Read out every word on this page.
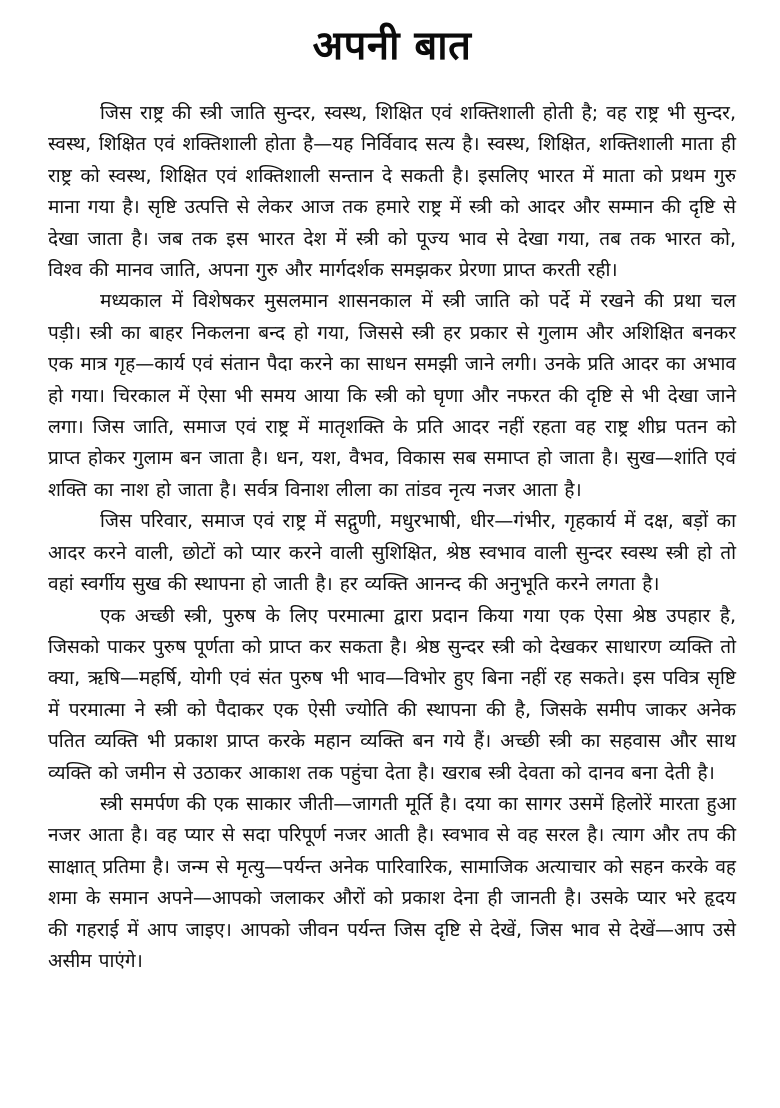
अपनी बात

जिस राष्ट्र की स्त्री जाति सुन्दर, स्वस्थ, शिक्षित एवं शक्तिशाली होती है; वह राष्ट्र भी सुन्दर, स्वस्थ, शिक्षित एवं शक्तिशाली होता है—यह निर्विवाद सत्य है। स्वस्थ, शिक्षित, शक्तिशाली माता ही राष्ट्र को स्वस्थ, शिक्षित एवं शक्तिशाली सन्तान दे सकती है। इसलिए भारत में माता को प्रथम गुरु माना गया है। सृष्टि उत्पत्ति से लेकर आज तक हमारे राष्ट्र में स्त्री को आदर और सम्मान की दृष्टि से देखा जाता है। जब तक इस भारत देश में स्त्री को पूज्य भाव से देखा गया, तब तक भारत को, विश्व की मानव जाति, अपना गुरु और मार्गदर्शक समझकर प्रेरणा प्राप्त करती रही।

मध्यकाल में विशेषकर मुसलमान शासनकाल में स्त्री जाति को पर्दे में रखने की प्रथा चल पड़ी। स्त्री का बाहर निकलना बन्द हो गया, जिससे स्त्री हर प्रकार से गुलाम और अशिक्षित बनकर एक मात्र गृह—कार्य एवं संतान पैदा करने का साधन समझी जाने लगी। उनके प्रति आदर का अभाव हो गया। चिरकाल में ऐसा भी समय आया कि स्त्री को घृणा और नफरत की दृष्टि से भी देखा जाने लगा। जिस जाति, समाज एवं राष्ट्र में मातृशक्ति के प्रति आदर नहीं रहता वह राष्ट्र शीघ्र पतन को प्राप्त होकर गुलाम बन जाता है। धन, यश, वैभव, विकास सब समाप्त हो जाता है। सुख—शांति एवं शक्ति का नाश हो जाता है। सर्वत्र विनाश लीला का तांडव नृत्य नजर आता है।

जिस परिवार, समाज एवं राष्ट्र में सद्गुणी, मधुरभाषी, धीर—गंभीर, गृहकार्य में दक्ष, बड़ों का आदर करने वाली, छोटों को प्यार करने वाली सुशिक्षित, श्रेष्ठ स्वभाव वाली सुन्दर स्वस्थ स्त्री हो तो वहां स्वर्गीय सुख की स्थापना हो जाती है। हर व्यक्ति आनन्द की अनुभूति करने लगता है।

एक अच्छी स्त्री, पुरुष के लिए परमात्मा द्वारा प्रदान किया गया एक ऐसा श्रेष्ठ उपहार है, जिसको पाकर पुरुष पूर्णता को प्राप्त कर सकता है। श्रेष्ठ सुन्दर स्त्री को देखकर साधारण व्यक्ति तो क्या, ऋषि—महर्षि, योगी एवं संत पुरुष भी भाव—विभोर हुए बिना नहीं रह सकते। इस पवित्र सृष्टि में परमात्मा ने स्त्री को पैदाकर एक ऐसी ज्योति की स्थापना की है, जिसके समीप जाकर अनेक पतित व्यक्ति भी प्रकाश प्राप्त करके महान व्यक्ति बन गये हैं। अच्छी स्त्री का सहवास और साथ व्यक्ति को जमीन से उठाकर आकाश तक पहुंचा देता है। खराब स्त्री देवता को दानव बना देती है।

स्त्री समर्पण की एक साकार जीती—जागती मूर्ति है। दया का सागर उसमें हिलोरें मारता हुआ नजर आता है। वह प्यार से सदा परिपूर्ण नजर आती है। स्वभाव से वह सरल है। त्याग और तप की साक्षात् प्रतिमा है। जन्म से मृत्यु—पर्यन्त अनेक पारिवारिक, सामाजिक अत्याचार को सहन करके वह शमा के समान अपने—आपको जलाकर औरों को प्रकाश देना ही जानती है। उसके प्यार भरे हृदय की गहराई में आप जाइए। आपको जीवन पर्यन्त जिस दृष्टि से देखें, जिस भाव से देखें—आप उसे असीम पाएंगे।
